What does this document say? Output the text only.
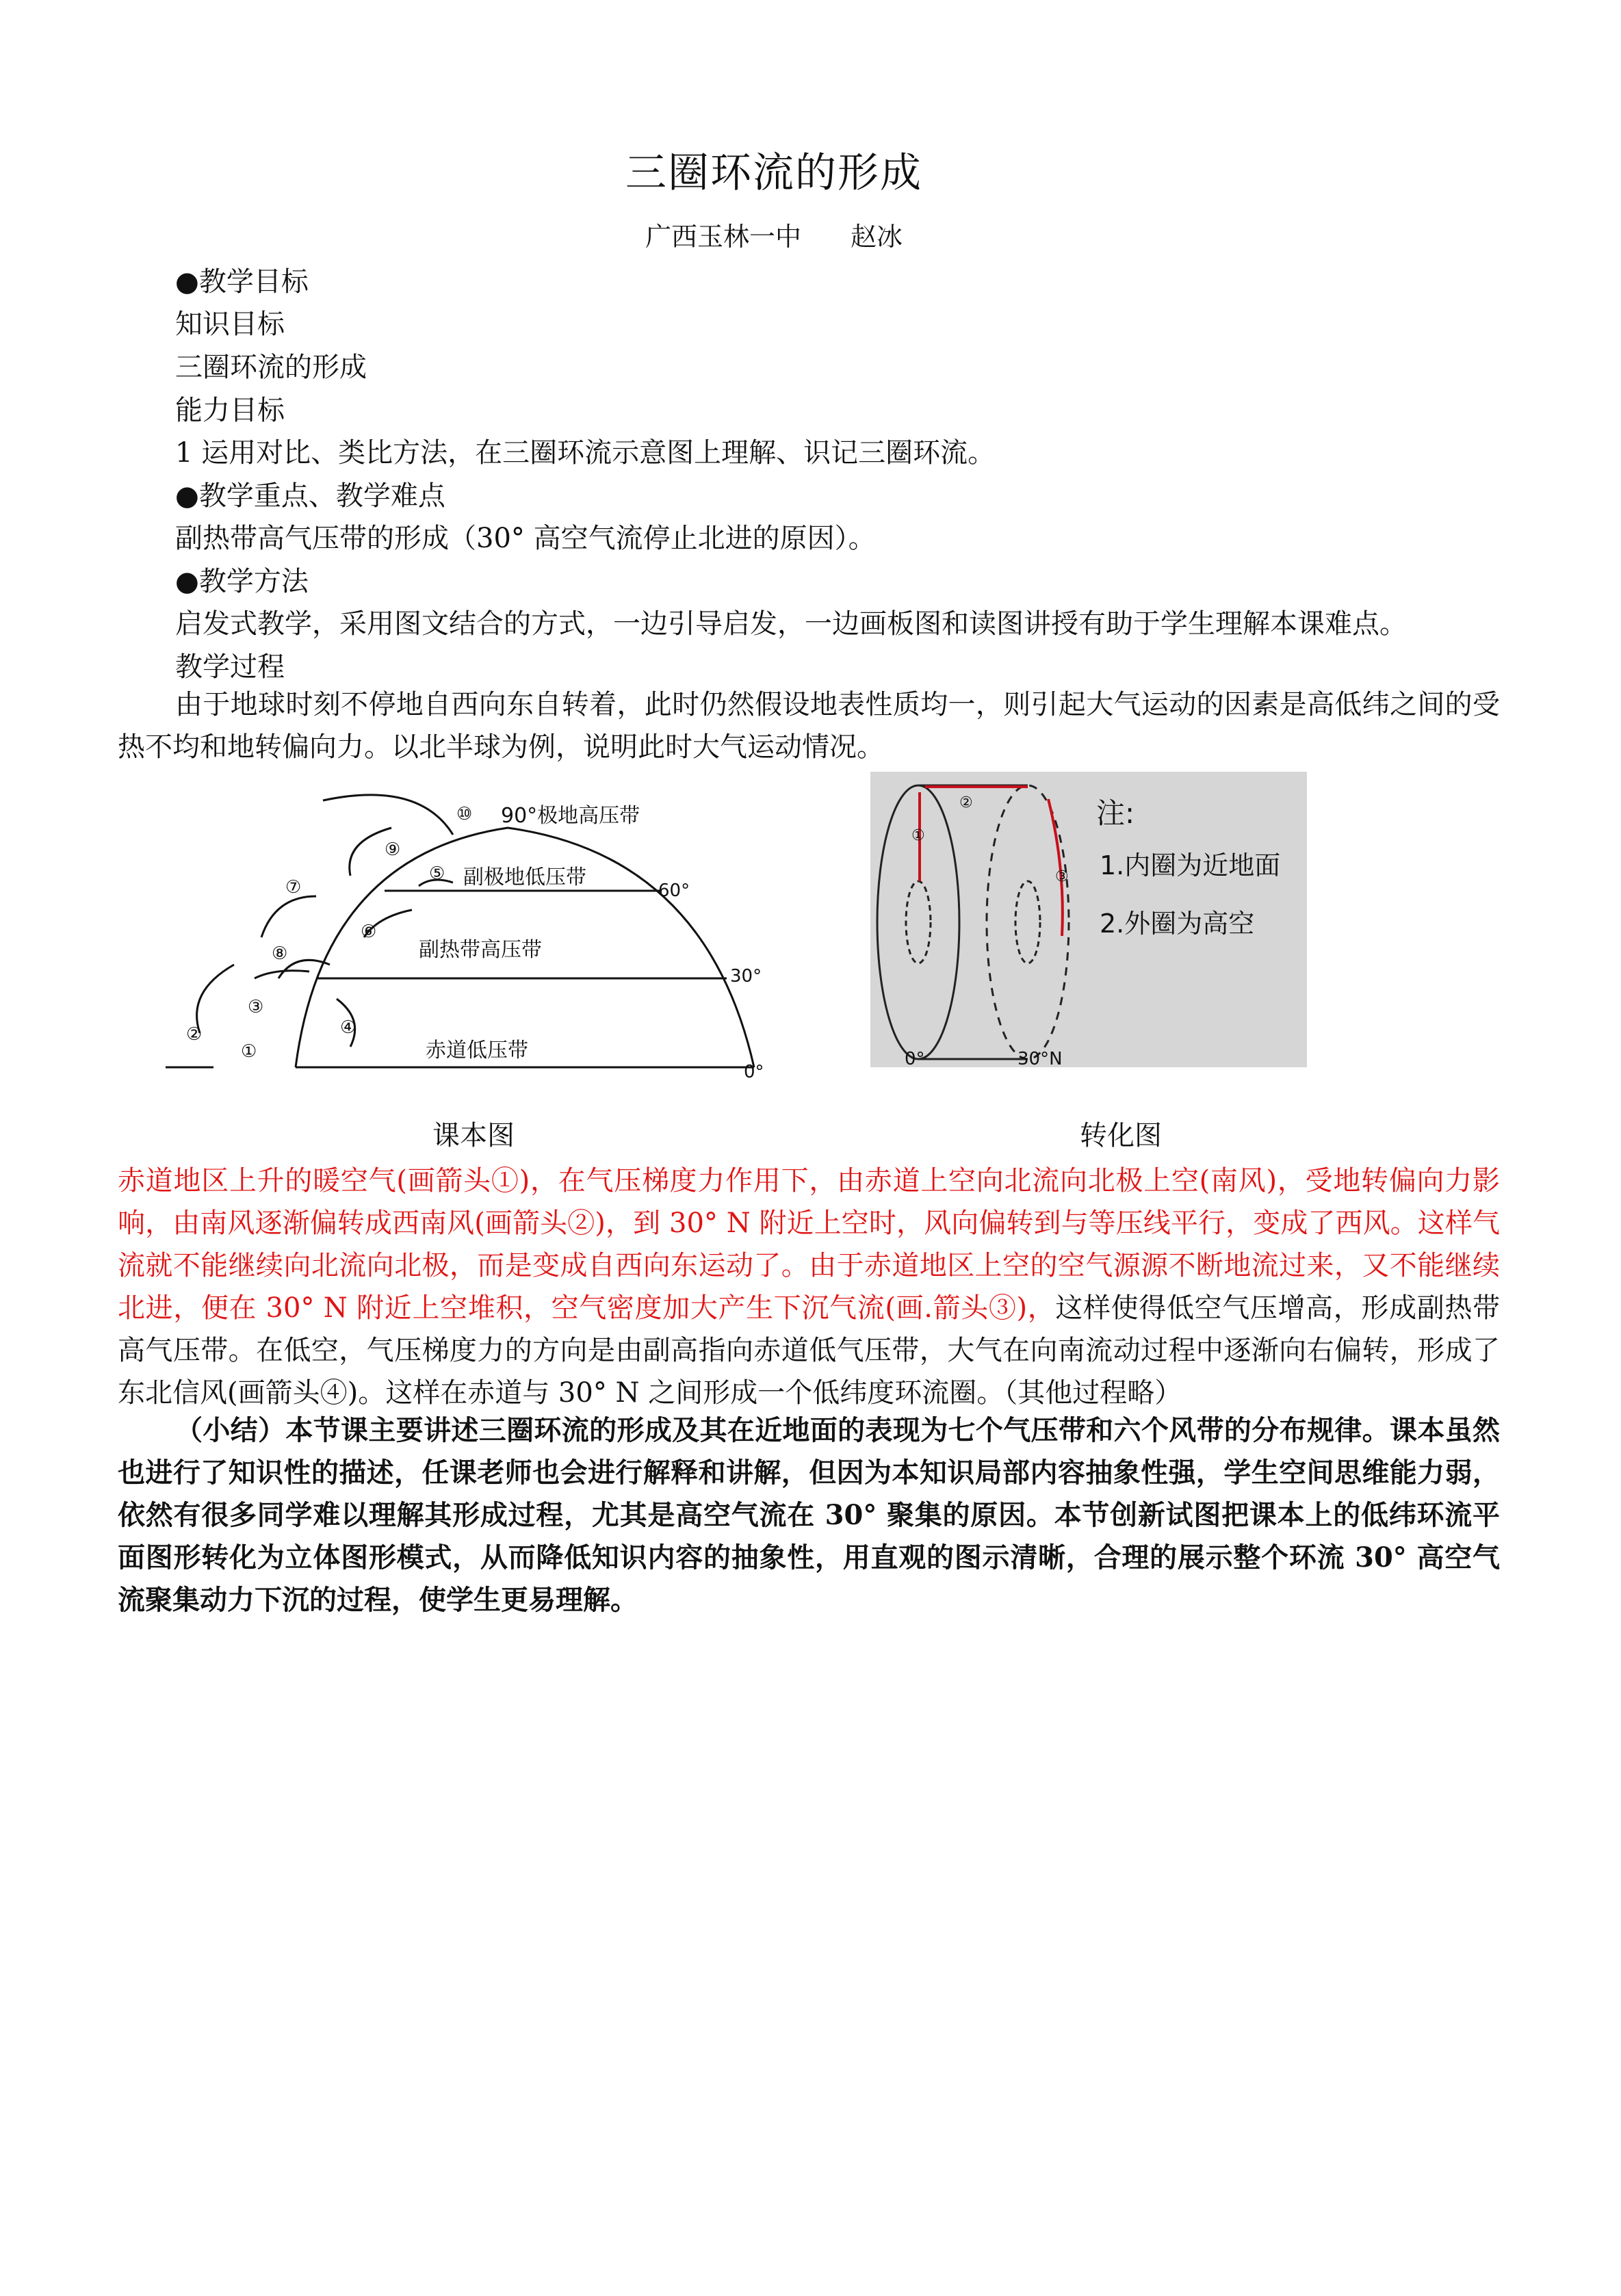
三圈环流的形成
广西玉林一中 赵冰
●教学目标
知识目标
三圈环流的形成
能力目标
1 运用对比、类比方法，在三圈环流示意图上理解、识记三圈环流。
●教学重点、教学难点
副热带高气压带的形成（30° 高空气流停止北进的原因）。
●教学方法
启发式教学，采用图文结合的方式，一边引导启发，一边画板图和读图讲授有助于学生理解本课难点。
教学过程
由于地球时刻不停地自西向东自转着，此时仍然假设地表性质均一，则引起大气运动的因素是高低纬之间的受热不均和地转偏向力。以北半球为例，说明此时大气运动情况。
90°极地高压带
副极地低压带
60°
副热带高压带
30°
赤道低压带
0°
①
②
③
④
⑤
⑥
⑦
⑧
⑨
⑩	注:
1.内圈为近地面
2.外圈为高空
0°	30°N
①
②
③
课本图	转化图
赤道地区上升的暖空气(画箭头①)，在气压梯度力作用下，由赤道上空向北流向北极上空(南风)，受地转偏向力影响，由南风逐渐偏转成西南风(画箭头②)，到 30° N 附近上空时，风向偏转到与等压线平行，变成了西风。这样气流就不能继续向北流向北极，而是变成自西向东运动了。由于赤道地区上空的空气源源不断地流过来，又不能继续北进，便在 30° N 附近上空堆积，空气密度加大产生下沉气流(画.箭头③)，这样使得低空气压增高，形成副热带高气压带。在低空，气压梯度力的方向是由副高指向赤道低气压带，大气在向南流动过程中逐渐向右偏转，形成了东北信风(画箭头④)。这样在赤道与 30° N 之间形成一个低纬度环流圈。（其他过程略）
（小结）本节课主要讲述三圈环流的形成及其在近地面的表现为七个气压带和六个风带的分布规律。课本虽然也进行了知识性的描述，任课老师也会进行解释和讲解，但因为本知识局部内容抽象性强，学生空间思维能力弱，依然有很多同学难以理解其形成过程，尤其是高空气流在 30° 聚集的原因。本节创新试图把课本上的低纬环流平面图形转化为立体图形模式，从而降低知识内容的抽象性，用直观的图示清晰，合理的展示整个环流 30° 高空气流聚集动力下沉的过程，使学生更易理解。
